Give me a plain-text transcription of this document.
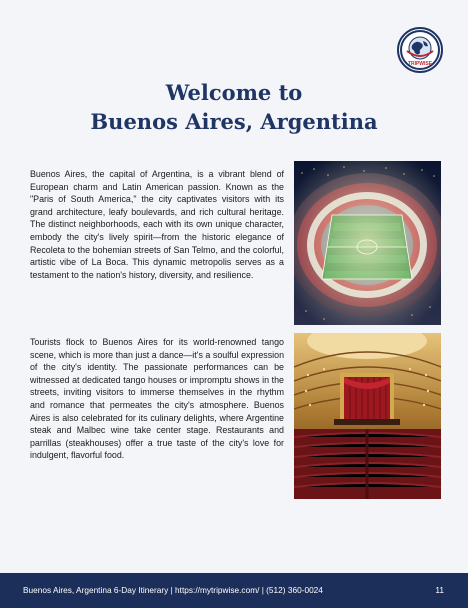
TRIPWISE
Welcome to
Buenos Aires, Argentina
Buenos Aires, the capital of Argentina, is a vibrant blend of European charm and Latin American passion. Known as the "Paris of South America," the city captivates visitors with its grand architecture, leafy boulevards, and rich cultural heritage. The distinct neighborhoods, each with its own unique character, embody the city's lively spirit—from the historic elegance of Recoleta to the bohemian streets of San Telmo, and the colorful, artistic vibe of La Boca. This dynamic metropolis serves as a testament to the nation's history, diversity, and resilience.
Tourists flock to Buenos Aires for its world-renowned tango scene, which is more than just a dance—it's a soulful expression of the city's identity. The passionate performances can be witnessed at dedicated tango houses or impromptu shows in the streets, inviting visitors to immerse themselves in the rhythm and romance that permeates the city's atmosphere. Buenos Aires is also celebrated for its culinary delights, where Argentine steak and Malbec wine take center stage. Restaurants and parrillas (steakhouses) offer a true taste of the city's love for indulgent, flavorful food.
Buenos Aires, Argentina 6-Day Itinerary | https://mytripwise.com/ | (512) 360-0024	11
